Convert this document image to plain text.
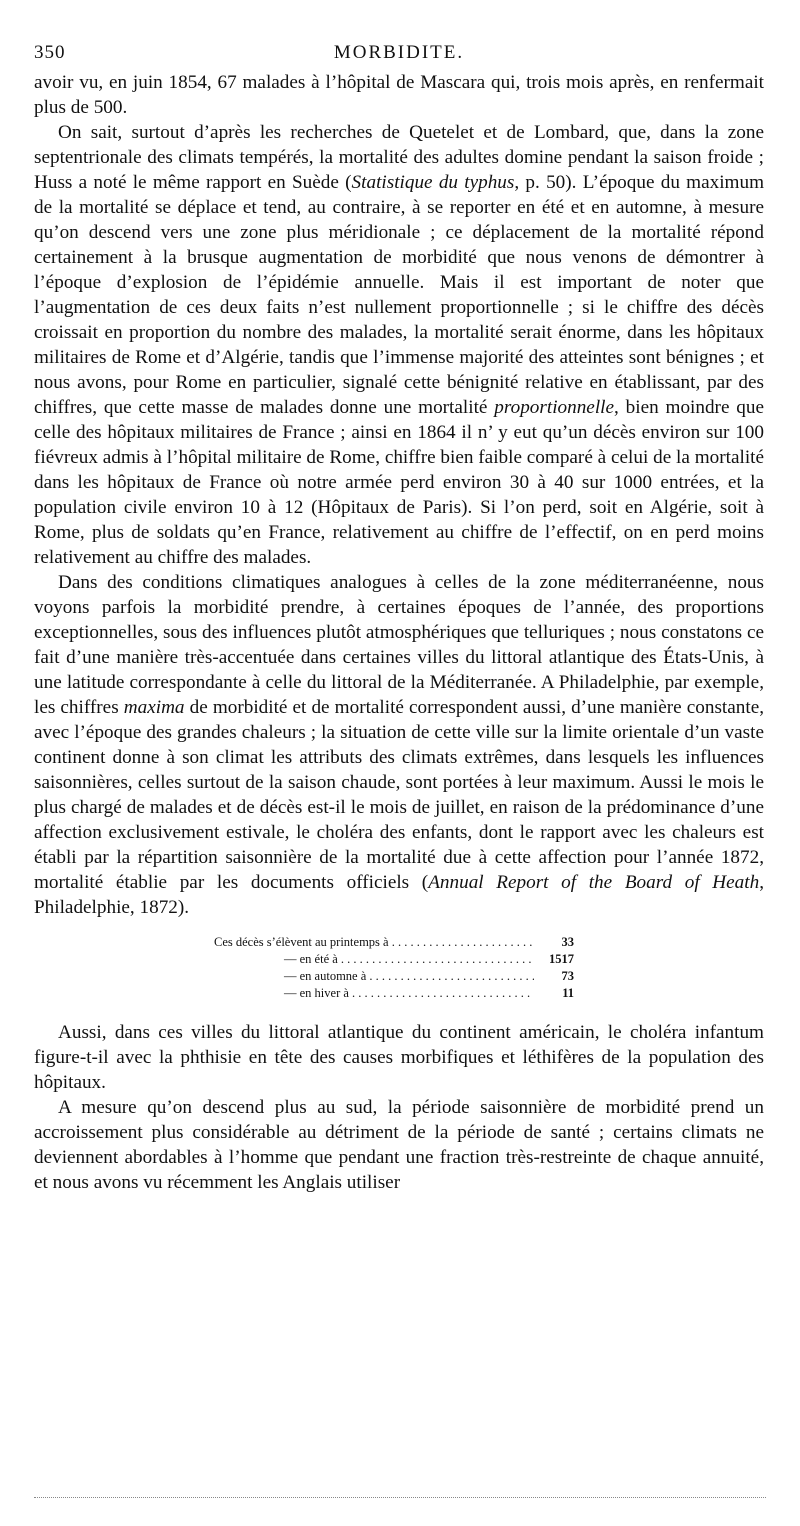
350	MORBIDITE.

avoir vu, en juin 1854, 67 malades à l’hôpital de Mascara qui, trois mois après, en renfermait plus de 500.

On sait, surtout d’après les recherches de Quetelet et de Lombard, que, dans la zone septentrionale des climats tempérés, la mortalité des adultes domine pendant la saison froide ; Huss a noté le même rapport en Suède (Statistique du typhus, p. 50). L’époque du maximum de la mortalité se déplace et tend, au contraire, à se reporter en été et en automne, à mesure qu’on descend vers une zone plus méridionale ; ce déplacement de la mortalité répond certainement à la brusque augmentation de morbidité que nous venons de démontrer à l’époque d’explosion de l’épidémie annuelle. Mais il est important de noter que l’augmentation de ces deux faits n’est nullement proportionnelle ; si le chiffre des décès croissait en proportion du nombre des malades, la mortalité serait énorme, dans les hôpitaux militaires de Rome et d’Algérie, tandis que l’immense majorité des atteintes sont bénignes ; et nous avons, pour Rome en particulier, signalé cette bénignité relative en établissant, par des chiffres, que cette masse de malades donne une mortalité proportionnelle, bien moindre que celle des hôpitaux militaires de France ; ainsi en 1864 il n’ y eut qu’un décès environ sur 100 fiévreux admis à l’hôpital militaire de Rome, chiffre bien faible comparé à celui de la mortalité dans les hôpitaux de France où notre armée perd environ 30 à 40 sur 1000 entrées, et la population civile environ 10 à 12 (Hôpitaux de Paris). Si l’on perd, soit en Algérie, soit à Rome, plus de soldats qu’en France, relativement au chiffre de l’effectif, on en perd moins relativement au chiffre des malades.

Dans des conditions climatiques analogues à celles de la zone méditerranéenne, nous voyons parfois la morbidité prendre, à certaines époques de l’année, des proportions exceptionnelles, sous des influences plutôt atmosphériques que telluriques ; nous constatons ce fait d’une manière très-accentuée dans certaines villes du littoral atlantique des États-Unis, à une latitude correspondante à celle du littoral de la Méditerranée. A Philadelphie, par exemple, les chiffres maxima de morbidité et de mortalité correspondent aussi, d’une manière constante, avec l’époque des grandes chaleurs ; la situation de cette ville sur la limite orientale d’un vaste continent donne à son climat les attributs des climats extrêmes, dans lesquels les influences saisonnières, celles surtout de la saison chaude, sont portées à leur maximum. Aussi le mois le plus chargé de malades et de décès est-il le mois de juillet, en raison de la prédominance d’une affection exclusivement estivale, le choléra des enfants, dont le rapport avec les chaleurs est établi par la répartition saisonnière de la mortalité due à cette affection pour l’année 1872, mortalité établie par les documents officiels (Annual Report of the Board of Heath, Philadelphie, 1872).

Ces décès s’élèvent au printemps à . . .	33
— en été à . . .	1517
— en automne à . . .	73
— en hiver à . . .	11

Aussi, dans ces villes du littoral atlantique du continent américain, le choléra infantum figure-t-il avec la phthisie en tête des causes morbifiques et léthifères de la population des hôpitaux.

A mesure qu’on descend plus au sud, la période saisonnière de morbidité prend un accroissement plus considérable au détriment de la période de santé ; certains climats ne deviennent abordables à l’homme que pendant une fraction très-restreinte de chaque annuité, et nous avons vu récemment les Anglais utiliser
